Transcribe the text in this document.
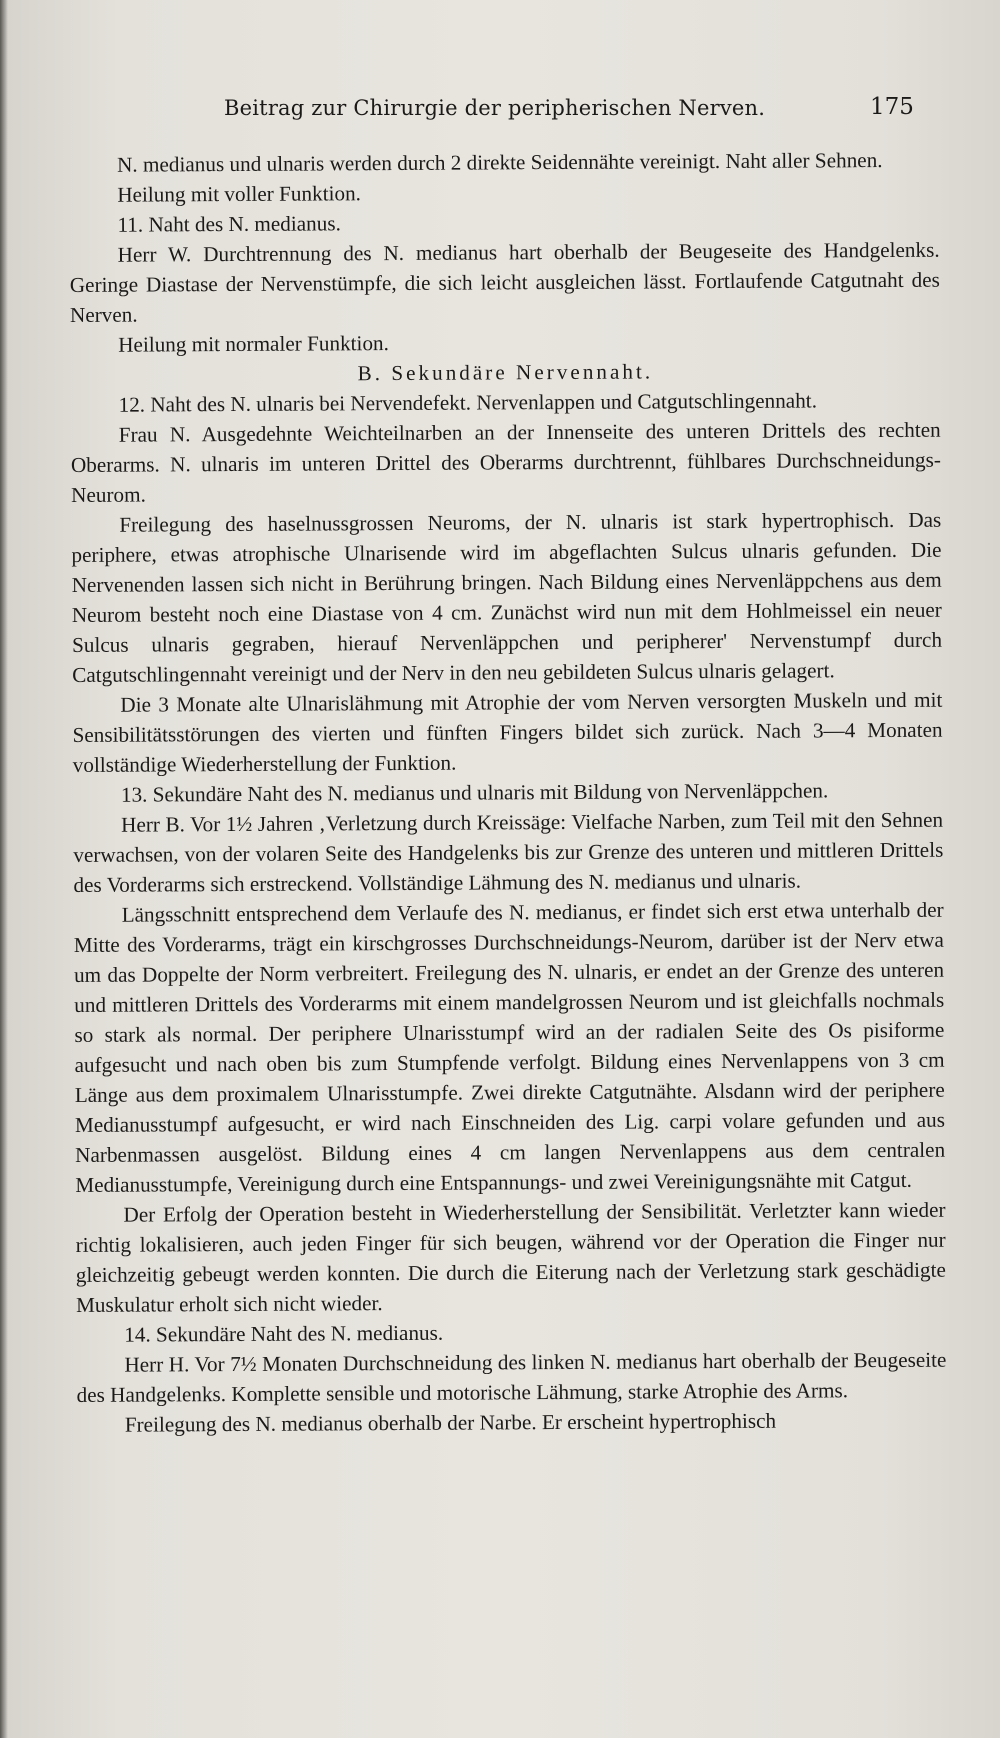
Beitrag zur Chirurgie der peripherischen Nerven.	175

N. medianus und ulnaris werden durch 2 direkte Seidennähte vereinigt. Naht aller Sehnen.

Heilung mit voller Funktion.

11. Naht des N. medianus.

Herr W. Durchtrennung des N. medianus hart oberhalb der Beugeseite des Handgelenks. Geringe Diastase der Nervenstümpfe, die sich leicht ausgleichen lässt. Fortlaufende Catgutnaht des Nerven.

Heilung mit normaler Funktion.

B. Sekundäre Nervennaht.

12. Naht des N. ulnaris bei Nervendefekt. Nervenlappen und Catgutschlingennaht.

Frau N. Ausgedehnte Weichteilnarben an der Innenseite des unteren Drittels des rechten Oberarms. N. ulnaris im unteren Drittel des Oberarms durchtrennt, fühlbares Durchschneidungs-Neurom.

Freilegung des haselnussgrossen Neuroms, der N. ulnaris ist stark hypertrophisch. Das periphere, etwas atrophische Ulnarisende wird im abgeflachten Sulcus ulnaris gefunden. Die Nervenenden lassen sich nicht in Berührung bringen. Nach Bildung eines Nervenläppchens aus dem Neurom besteht noch eine Diastase von 4 cm. Zunächst wird nun mit dem Hohlmeissel ein neuer Sulcus ulnaris gegraben, hierauf Nervenläppchen und peripherer' Nervenstumpf durch Catgutschlingennaht vereinigt und der Nerv in den neu gebildeten Sulcus ulnaris gelagert.

Die 3 Monate alte Ulnarislähmung mit Atrophie der vom Nerven versorgten Muskeln und mit Sensibilitätsstörungen des vierten und fünften Fingers bildet sich zurück. Nach 3—4 Monaten vollständige Wiederherstellung der Funktion.

13. Sekundäre Naht des N. medianus und ulnaris mit Bildung von Nervenläppchen.

Herr B. Vor 1½ Jahren ‚Verletzung durch Kreissäge: Vielfache Narben, zum Teil mit den Sehnen verwachsen, von der volaren Seite des Handgelenks bis zur Grenze des unteren und mittleren Drittels des Vorderarms sich erstreckend. Vollständige Lähmung des N. medianus und ulnaris.

Längsschnitt entsprechend dem Verlaufe des N. medianus, er findet sich erst etwa unterhalb der Mitte des Vorderarms, trägt ein kirschgrosses Durchschneidungs-Neurom, darüber ist der Nerv etwa um das Doppelte der Norm verbreitert. Freilegung des N. ulnaris, er endet an der Grenze des unteren und mittleren Drittels des Vorderarms mit einem mandelgrossen Neurom und ist gleichfalls nochmals so stark als normal. Der periphere Ulnarisstumpf wird an der radialen Seite des Os pisiforme aufgesucht und nach oben bis zum Stumpfende verfolgt. Bildung eines Nervenlappens von 3 cm Länge aus dem proximalem Ulnarisstumpfe. Zwei direkte Catgutnähte. Alsdann wird der periphere Medianusstumpf aufgesucht, er wird nach Einschneiden des Lig. carpi volare gefunden und aus Narbenmassen ausgelöst. Bildung eines 4 cm langen Nervenlappens aus dem centralen Medianusstumpfe, Vereinigung durch eine Entspannungs- und zwei Vereinigungsnähte mit Catgut.

Der Erfolg der Operation besteht in Wiederherstellung der Sensibilität. Verletzter kann wieder richtig lokalisieren, auch jeden Finger für sich beugen, während vor der Operation die Finger nur gleichzeitig gebeugt werden konnten. Die durch die Eiterung nach der Verletzung stark geschädigte Muskulatur erholt sich nicht wieder.

14. Sekundäre Naht des N. medianus.

Herr H. Vor 7½ Monaten Durchschneidung des linken N. medianus hart oberhalb der Beugeseite des Handgelenks. Komplette sensible und motorische Lähmung, starke Atrophie des Arms.

Freilegung des N. medianus oberhalb der Narbe. Er erscheint hypertrophisch
